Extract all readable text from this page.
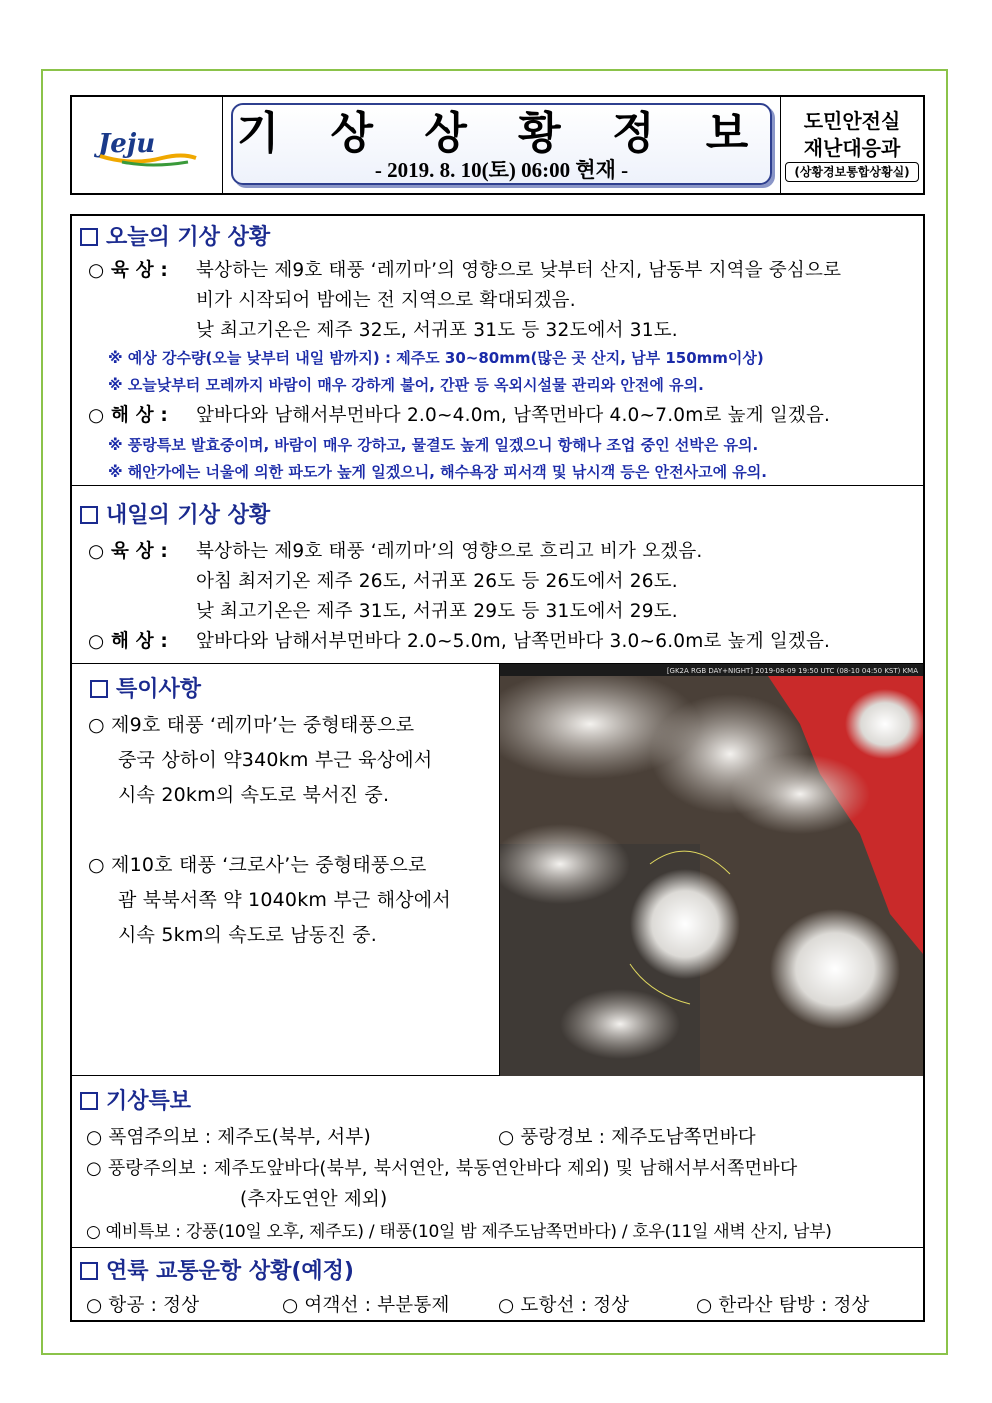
Jeju 기 상 상 황 정 보
- 2019. 8. 10(토) 06:00 현재 -
도민안전실
재난대응과
(상황경보통합상황실)
오늘의 기상 상황
○ 육 상 : 북상하는 제9호 태풍 ‘레끼마’의 영향으로 낮부터 산지, 남동부 지역을 중심으로
비가 시작되어 밤에는 전 지역으로 확대되겠음.
낮 최고기온은 제주 32도, 서귀포 31도 등 32도에서 31도.
※ 예상 강수량(오늘 낮부터 내일 밤까지) : 제주도 30~80mm(많은 곳 산지, 남부 150mm이상)
※ 오늘낮부터 모레까지 바람이 매우 강하게 불어, 간판 등 옥외시설물 관리와 안전에 유의.
○ 해 상 : 앞바다와 남해서부먼바다 2.0~4.0m, 남쪽먼바다 4.0~7.0m로 높게 일겠음.
※ 풍랑특보 발효중이며, 바람이 매우 강하고, 물결도 높게 일겠으니 항해나 조업 중인 선박은 유의.
※ 해안가에는 너울에 의한 파도가 높게 일겠으니, 해수욕장 피서객 및 낚시객 등은 안전사고에 유의.
내일의 기상 상황
○ 육 상 : 북상하는 제9호 태풍 ‘레끼마’의 영향으로 흐리고 비가 오겠음.
아침 최저기온 제주 26도, 서귀포 26도 등 26도에서 26도.
낮 최고기온은 제주 31도, 서귀포 29도 등 31도에서 29도.
○ 해 상 : 앞바다와 남해서부먼바다 2.0~5.0m, 남쪽먼바다 3.0~6.0m로 높게 일겠음.
특이사항
○ 제9호 태풍 ‘레끼마’는 중형태풍으로
중국 상하이 약340km 부근 육상에서
시속 20km의 속도로 북서진 중.
○ 제10호 태풍 ‘크로사’는 중형태풍으로
괌 북북서쪽 약 1040km 부근 해상에서
시속 5km의 속도로 남동진 중.
[GK2A RGB DAY+NIGHT] 2019-08-09 19:50 UTC (08-10 04:50 KST) KMA
기상특보
○ 폭염주의보 : 제주도(북부, 서부)	○ 풍랑경보 : 제주도남쪽먼바다
○ 풍랑주의보 : 제주도앞바다(북부, 북서연안, 북동연안바다 제외) 및 남해서부서쪽먼바다
(추자도연안 제외)
○ 예비특보 : 강풍(10일 오후, 제주도) / 태풍(10일 밤 제주도남쪽먼바다) / 호우(11일 새벽 산지, 남부)
연륙 교통운항 상황(예정)
○ 항공 : 정상	○ 여객선 : 부분통제	○ 도항선 : 정상	○ 한라산 탐방 : 정상
